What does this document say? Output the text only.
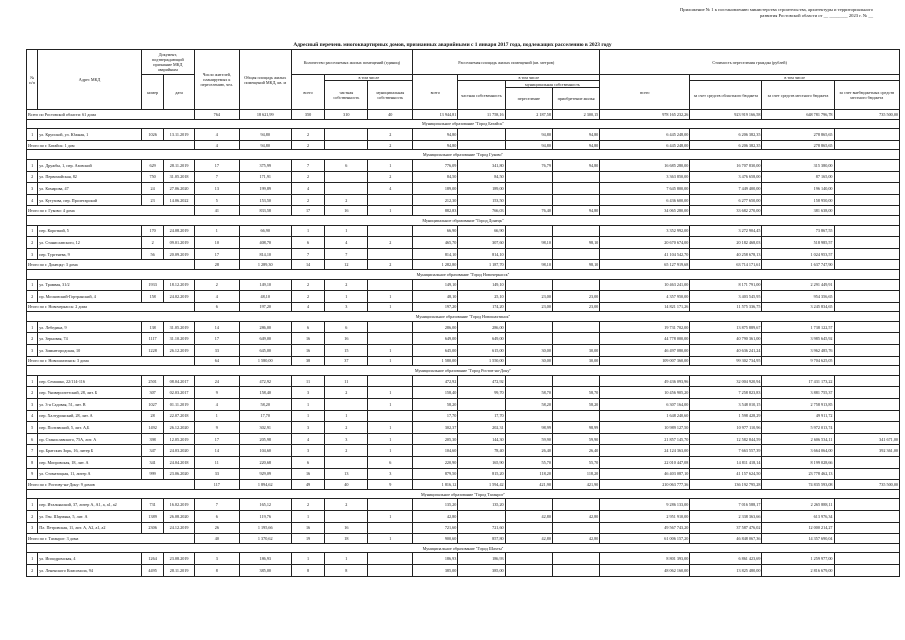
Приложение № 1 к постановлению министерства строительства, архитектуры и территориального развития Ростовской области от __ ________ 2023 г. № __
Адресный перечень многоквартирных домов, признанных аварийными с 1 января 2017 года, подлежащих расселению в 2023 году
№ п/п	Адрес МКД	Документ, подтверждающий признание МКД аварийным		Число жителей, планируемых к переселению, чел.	Общая площадь жилых помещений МКД, кв. м	Количество расселяемых жилых помещений (единиц)			Расселяемая площадь жилых помещений (кв. метров)				Стоимость переселения граждан (рублей)			
		номер	дата			всего	в том числе		всего	в том числе			всего	в том числе		
							частная собственность	муниципальная собственность		частная собственность	муниципальная собственность			за счет средств областного бюджета	за счет средств местного бюджета	за счет внебюджетных средств местного бюджета
											переселение	приобретение жилья				
Всего по Ростовской области: 61 дома				764	18 621,99	350	310	40	13 944,81	11 758,16	2 187,58	2 300,15	978 165 232,26	923 919 166,58	648 781 796,78	735 500,00
Муниципальное образование "Город Батайск"																
1	ул. Крупской, ул. Южная, 1	1026	13.11.2019	4	94,80	2		2	94,80		94,80	94,80	6 445 248,00	6 206 382,35	278 865,65	
Итого по г. Батайск: 1 дом				4	94,80	2		2	94,80		94,80	94,80	6 445 248,00	6 206 382,35	278 865,65	
Муниципальное образование "Город Гуково"																
1	ул. Дружбы, 1, пер. Азовский	629	28.11.2019	17	375,99	7	6	1	776,09	341,80	76,79	94,80	16 685 280,00	16 707 830,00	315 380,00	
2	ул. Первомайская, 82	750	31.05.2018	7	171,91	2		2	84,50	84,50			3 363 850,00	3 476 658,00	87 165,00	
3	ул. Комарова, 47	24	27.06.2020	13	199,89	4		4	189,00	189,00			7 645 800,00	7 449 400,00	196 140,00	
4	ул. Кутузова, пер. Пролетарский	23	14.06.2022	5	153,50	2	2		212,30	153,50			6 436 600,00	6 277 650,00	158 950,00	
Итого по г. Гуково: 4 дома				41	833,58	17	16	1	882,83	766,03	76,40	94,80	34 065 280,00	33 682 270,00	381 638,00	
Муниципальное образование "Город Донецк"																
1	пер. Короткий, 5	170	24.08.2019	1	66,90	1	1		66,90	66,90			3 352 992,00	3 272 904,45	73 867,55	
2	ул. Станиславского, 12	2	09.01.2019	10	408,70	6	4	2	465,70	307,60	98,10	98,10	20 670 674,00	20 182 468,03	518 985,57	
3	пер. Тургенева, 9	56	20.09.2019	17	814,10	7	7		814,10	814,10			41 104 542,70	40 258 678,13	1 024 953,57	
Итого по г. Донецку: 3 дома				28	1 289,30	14	12	2	1 282,80	1 187,70	98,10	98,10	65 127 919,68	63 714 171,61	1 637 747,90	
Муниципальное образование "Город Новочеркасск"																
1	ул. Трамвая, 31/2	1933	18.12.2019	2	149,10	2	2		149,10	149,10			10 463 241,00	8 171 791,00	2 291 449,91	
2	пр. Московский-Гортранский, 4	158	24.02.2019	4	48,10	2	1	1	48,10	25,10	23,00	23,00	4 357 950,00	3 403 545,95	954 356,65	
Итого по г. Новочеркасск: 2 дома				6	197,20	4	3	1	197,20	174,20	23,00	23,00	14 821 171,26	11 575 336,75	3 245 834,65	
Муниципальное образование "Город Новошахтинск"																
1	ул. Лебедина, 9	138	31.05.2019	14	286,00	6	6		286,00	286,00			19 731 702,00	13 875 889,67	1 738 122,57	
2	ул. Зерновая, 74	1117	31.10.2019	17	649,00	16	16		649,00	649,00			44 778 000,00	40 790 361,00	3 985 645,92	
3	ул. Зимнегородская, 10	1228	26.12.2019	33	645,00	16	15	1	645,00	615,00	30,00	30,00	46 497 080,00	40 636 241,24	3 962 485,76	
Итого по г. Новошахтинск: 3 дома				64	1 580,00	38	37	1	1 580,00	1 550,00	30,00	30,00	109 007 360,00	99 302 734,95	9 704 625,05	
Муниципальное образование "Город Ростов-на-Дону"																
1	пер. Семашко, 22/114-116	2501	08.04.2017	24	472,92	11	11		472,92	472,92			49 436 093,96	32 004 920,94	17 431 173,22	
2	пер. Университетский, 28, лит. Б	307	02.03.2017	9	158,40	3	2	1	158,40	99,70	58,70	58,70	10 456 905,20	7 258 823,83	3 881 755,37	
3	ул. 3-я Садовая, 51, лит. В	1027	01.11.2019	4	58,20	1		1	58,20		58,20	58,20	6 307 164,00	3 548 010,15	2 758 913,85	
4	пер. Халтуринский, 28, лит. А	28	22.07.2018	1	17,70	1	1		17,70	17,70			1 648 240,60	1 598 428,29	49 911,72	
5	пер. Полтавский, 5, лит. А,Б	1492	26.12.2020	9	302,91	3	2	1	302,37	202,31	98,99	98,99	10 989 127,50	10 977 110,96	5 972 013,74	
6	пр. Станиславского, 75А, лит. А	398	12.05.2019	17	205,98	4	3	1	205,30	144,30	59,90	59,90	21 857 145,70	12 582 844,59	2 606 534,11	341 671,00
7	пр. Братских Зорь, 16, литер Б	347	24.03.2020	14	104,60	3	2	1	104,60	78,40	26,40	26,40	24 124 363,00	7 663 557,39	3 664 064,00	392 361,00
8	пер. Мопровская, 18, лит. А	341	24.04.2018	11	220,68	6		6	220,90	165,90	55,70	55,70	22 010 447,08	14 811 418,14	8 199 028,66	
9	ул. Стоматоцкая, 11, литер А	999	23.06.2020	33	929,09	16	13	3	879,50	815,20	118,20	118,20	46 403 087,10	41 157 624,50	23 778 462,13	
Итого по г. Ростову-на-Дону: 9 домов				117	1 894,62	49	40	9	1 816,12	1 594,42	421,90	421,90	210 063 777,36	136 192 795,28	74 835 593,08	735 500,00
Муниципальное образование "Город Таганрог"																
1	пер. Итальянский, 37, литер А, А1, а, а1, а2	731	16.02.2019	7	165,12	2	2		135,20	135,20			9 286 133,00	7 016 588,17	2 265 888,11	
2	ул. Ген. Шаумяна, 5, лит. А	1389	26.08.2020	6	119,76	1		1	42,80		42,80	42,80	2 951 910,00	2 338 363,66	613 976,34	
3	Пл. Петровская, 11, лит. А, А2, а1, а2	2306	24.12.2019	26	1 195,66	16	16		721,60	721,60			49 567 743,20	37 587 476,02	12 000 214,27	
Итого по г. Таганрог: 3 дома				40	1 370,62	19	18	1	900,60	857,80	42,80	42,80	61 006 157,20	46 848 067,36	14 357 690,04	
Муниципальное образование "Город Шахты"																
1	ул. Ипподромская, 4	1264	23.08.2019	3	186,93	1	1		186,93	186,93			8 801 393,00	6 861 423,69	1 259 977,00	
2	ул. Лененского Комсомола, 94	4495	28.11.2019	8	385,00	8	8		385,00	385,00			48 062 160,00	13 825 480,00	2 816 679,00	
